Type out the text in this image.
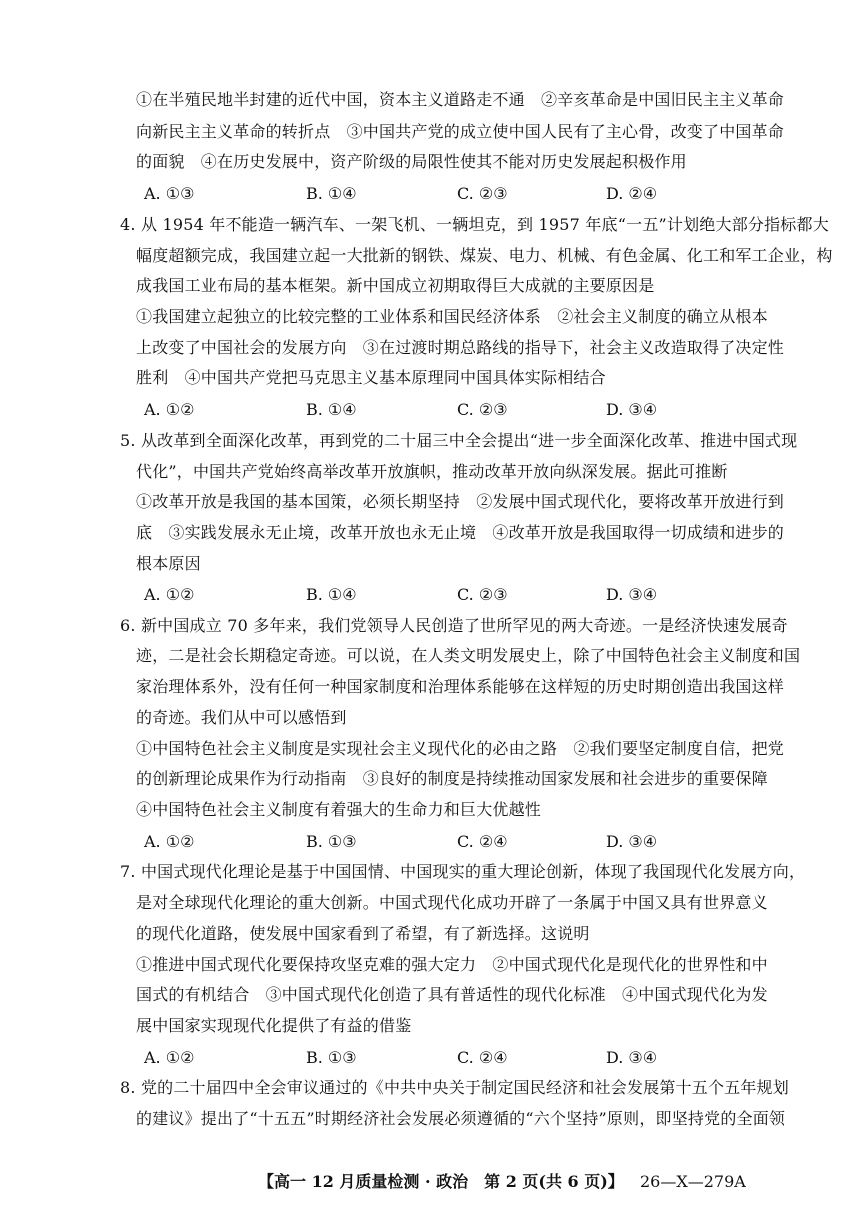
①在半殖民地半封建的近代中国，资本主义道路走不通　②辛亥革命是中国旧民主主义革命
向新民主主义革命的转折点　③中国共产党的成立使中国人民有了主心骨，改变了中国革命
的面貌　④在历史发展中，资产阶级的局限性使其不能对历史发展起积极作用
A. ①③	B. ①④	C. ②③	D. ②④
4. 从 1954 年不能造一辆汽车、一架飞机、一辆坦克，到 1957 年底“一五”计划绝大部分指标都大
幅度超额完成，我国建立起一大批新的钢铁、煤炭、电力、机械、有色金属、化工和军工企业，构
成我国工业布局的基本框架。新中国成立初期取得巨大成就的主要原因是
①我国建立起独立的比较完整的工业体系和国民经济体系　②社会主义制度的确立从根本
上改变了中国社会的发展方向　③在过渡时期总路线的指导下，社会主义改造取得了决定性
胜利　④中国共产党把马克思主义基本原理同中国具体实际相结合
A. ①②	B. ①④	C. ②③	D. ③④
5. 从改革到全面深化改革，再到党的二十届三中全会提出“进一步全面深化改革、推进中国式现
代化”，中国共产党始终高举改革开放旗帜，推动改革开放向纵深发展。据此可推断
①改革开放是我国的基本国策，必须长期坚持　②发展中国式现代化，要将改革开放进行到
底　③实践发展永无止境，改革开放也永无止境　④改革开放是我国取得一切成绩和进步的
根本原因
A. ①②	B. ①④	C. ②③	D. ③④
6. 新中国成立 70 多年来，我们党领导人民创造了世所罕见的两大奇迹。一是经济快速发展奇
迹，二是社会长期稳定奇迹。可以说，在人类文明发展史上，除了中国特色社会主义制度和国
家治理体系外，没有任何一种国家制度和治理体系能够在这样短的历史时期创造出我国这样
的奇迹。我们从中可以感悟到
①中国特色社会主义制度是实现社会主义现代化的必由之路　②我们要坚定制度自信，把党
的创新理论成果作为行动指南　③良好的制度是持续推动国家发展和社会进步的重要保障
④中国特色社会主义制度有着强大的生命力和巨大优越性
A. ①②	B. ①③	C. ②④	D. ③④
7. 中国式现代化理论是基于中国国情、中国现实的重大理论创新，体现了我国现代化发展方向，
是对全球现代化理论的重大创新。中国式现代化成功开辟了一条属于中国又具有世界意义
的现代化道路，使发展中国家看到了希望，有了新选择。这说明
①推进中国式现代化要保持攻坚克难的强大定力　②中国式现代化是现代化的世界性和中
国式的有机结合　③中国式现代化创造了具有普适性的现代化标准　④中国式现代化为发
展中国家实现现代化提供了有益的借鉴
A. ①②	B. ①③	C. ②④	D. ③④
8. 党的二十届四中全会审议通过的《中共中央关于制定国民经济和社会发展第十五个五年规划
的建议》提出了“十五五”时期经济社会发展必须遵循的“六个坚持”原则，即坚持党的全面领
【高一 12 月质量检测 · 政治　第 2 页(共 6 页)】 26—X—279A
